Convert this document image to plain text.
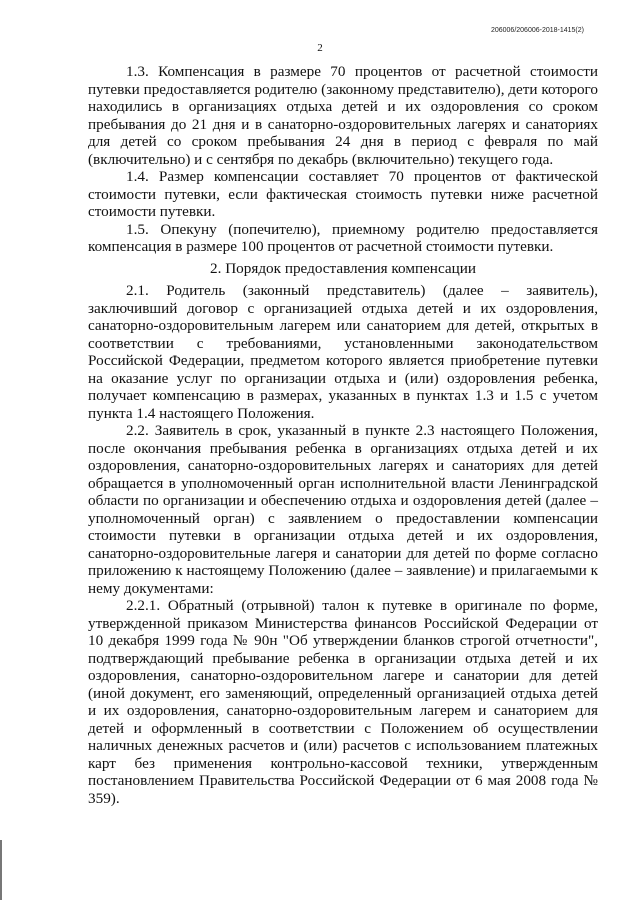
206006/206006-2018-1415(2)
2

1.3. Компенсация в размере 70 процентов от расчетной стоимости путевки предоставляется родителю (законному представителю), дети которого находились в организациях отдыха детей и их оздоровления со сроком пребывания до 21 дня и в санаторно-оздоровительных лагерях и санаториях для детей со сроком пребывания 24 дня в период с февраля по май (включительно) и с сентября по декабрь (включительно) текущего года.

1.4. Размер компенсации составляет 70 процентов от фактической стоимости путевки, если фактическая стоимость путевки ниже расчетной стоимости путевки.

1.5. Опекуну (попечителю), приемному родителю предоставляется компенсация в размере 100 процентов от расчетной стоимости путевки.

2. Порядок предоставления компенсации

2.1. Родитель (законный представитель) (далее – заявитель), заключивший договор с организацией отдыха детей и их оздоровления, санаторно-оздоровительным лагерем или санаторием для детей, открытых в соответствии с требованиями, установленными законодательством Российской Федерации, предметом которого является приобретение путевки на оказание услуг по организации отдыха и (или) оздоровления ребенка, получает компенсацию в размерах, указанных в пунктах 1.3 и 1.5 с учетом пункта 1.4 настоящего Положения.

2.2. Заявитель в срок, указанный в пункте 2.3 настоящего Положения, после окончания пребывания ребенка в организациях отдыха детей и их оздоровления, санаторно-оздоровительных лагерях и санаториях для детей обращается в уполномоченный орган исполнительной власти Ленинградской области по организации и обеспечению отдыха и оздоровления детей (далее – уполномоченный орган) с заявлением о предоставлении компенсации стоимости путевки в организации отдыха детей и их оздоровления, санаторно-оздоровительные лагеря и санатории для детей по форме согласно приложению к настоящему Положению (далее – заявление) и прилагаемыми к нему документами:

2.2.1. Обратный (отрывной) талон к путевке в оригинале по форме, утвержденной приказом Министерства финансов Российской Федерации от 10 декабря 1999 года № 90н "Об утверждении бланков строгой отчетности", подтверждающий пребывание ребенка в организации отдыха детей и их оздоровления, санаторно-оздоровительном лагере и санатории для детей (иной документ, его заменяющий, определенный организацией отдыха детей и их оздоровления, санаторно-оздоровительным лагерем и санаторием для детей и оформленный в соответствии с Положением об осуществлении наличных денежных расчетов и (или) расчетов с использованием платежных карт без применения контрольно-кассовой техники, утвержденным постановлением Правительства Российской Федерации от 6 мая 2008 года № 359).
